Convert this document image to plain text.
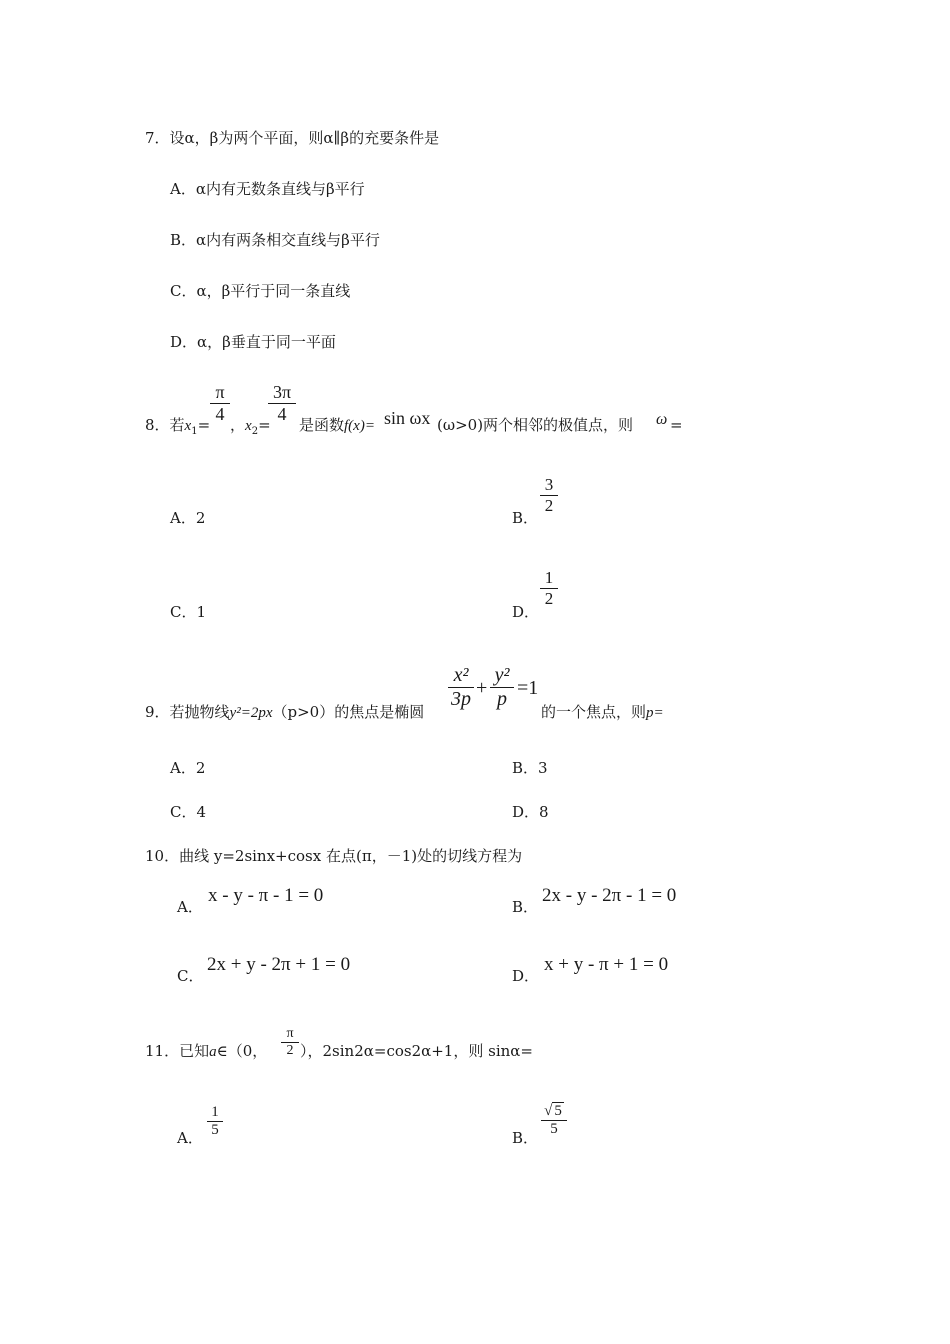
7．设α，β为两个平面，则α∥β的充要条件是
A．α内有无数条直线与β平行
B．α内有两条相交直线与β平行
C．α，β平行于同一条直线
D．α，β垂直于同一平面
8．若$x_1= \frac{\pi}{4}$ ，$x_2=$
$\frac{3\pi}{4}$ 是函数f(x)= sin ωx (ω>0)两个相邻的极值点，则 ω =
A．2	B．
$\frac{3}{2}$
C．1	D．
$\frac{1}{2}$
9．若抛物线y²=2px（p>0）的焦点是椭圆
$\frac{\text{x²}}{3p} + \frac{\text{y²}}{p} =1$
的一个焦点，则p=
A．2	B．3
C．4	D．8
10．曲线 y=2sinx+cosx 在点(π，－1)处的切线方程为
A．
x - y - π - 1 = 0
B．
2x - y - 2π - 1 = 0
C．
2x + y - 2π + 1 = 0
D．
x + y - π + 1 = 0
11．已知a∈（0， $\frac{\pi}{2}$ ），2sin2α=cos2α+1，则 sinα=
A． $\frac{1}{5}$	B． $\frac{√ 5}{5}$
